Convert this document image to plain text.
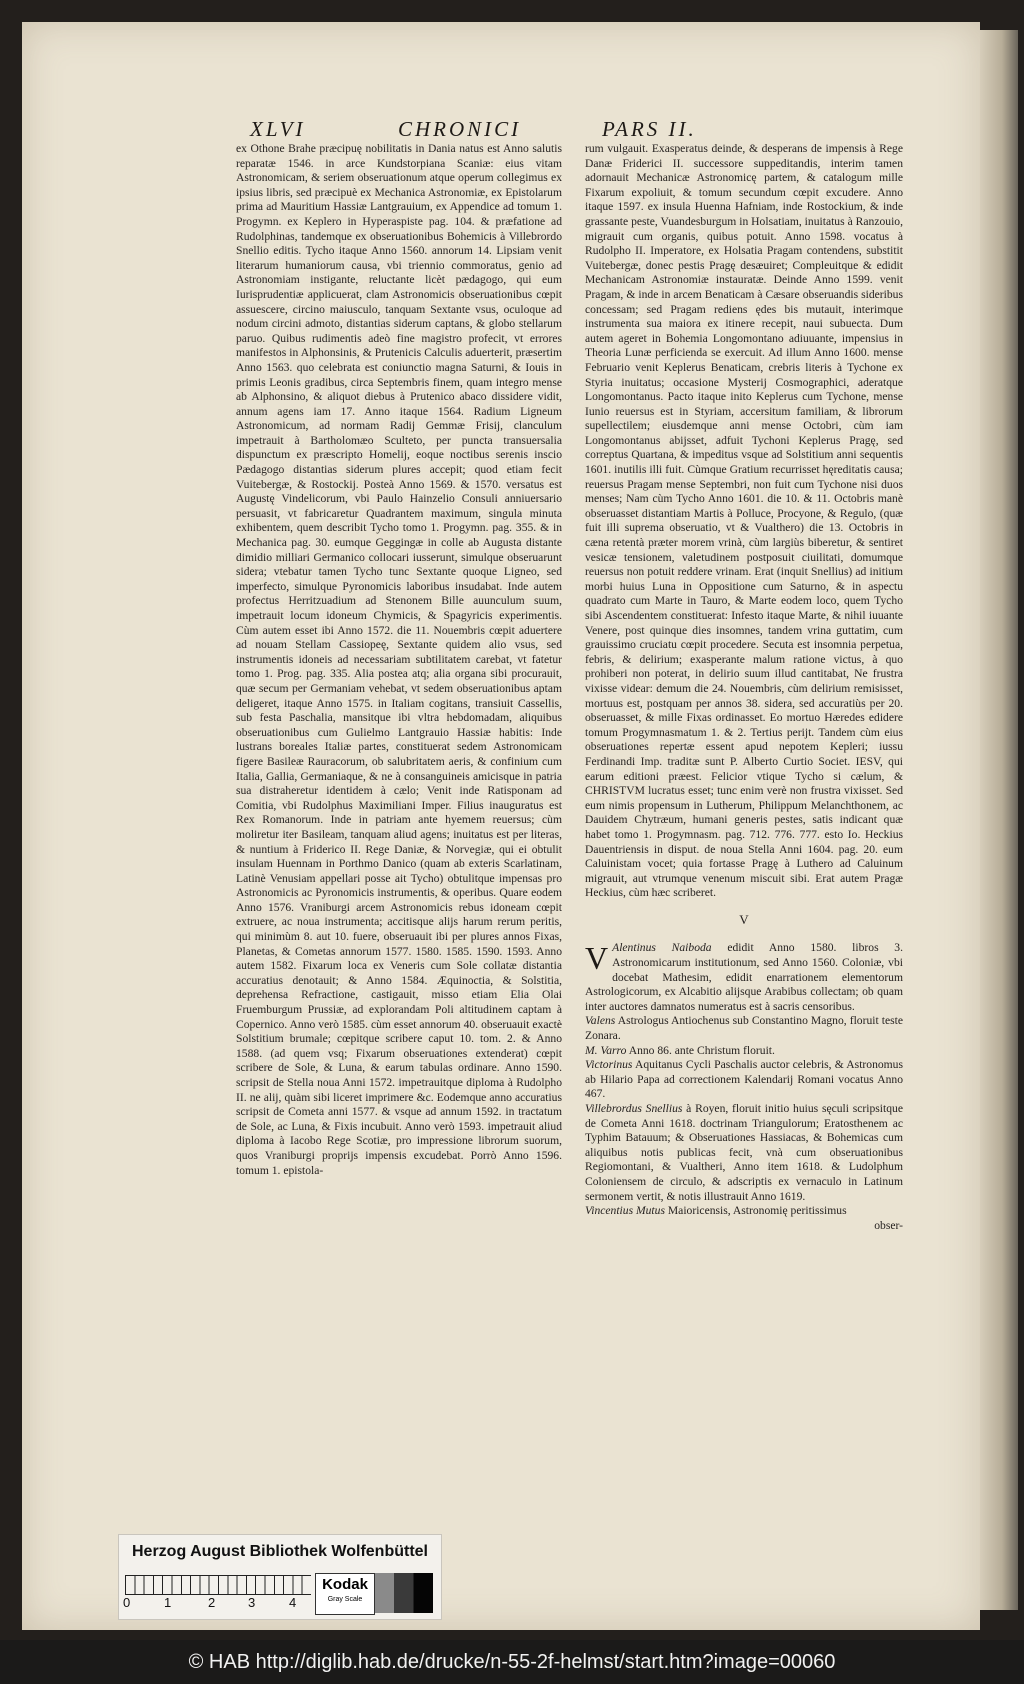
XLVI	CHRONICI	PARS II.

ex Othone Brahe præcipuę nobilitatis in Dania natus est Anno salutis reparatæ 1546. in arce Kundstorpiana Scaniæ: eius vitam Astronomicam, & seriem obseruationum atque operum collegimus ex ipsius libris, sed præcipuè ex Mechanica Astronomiæ, ex Epistolarum prima ad Mauritium Hassiæ Lantgrauium, ex Appendice ad tomum 1. Progymn. ex Keplero in Hyperaspiste pag. 104. & præfatione ad Rudolphinas, tandemque ex obseruationibus Bohemicis à Villebrordo Snellio editis. Tycho itaque Anno 1560. annorum 14. Lipsiam venit literarum humaniorum causa, vbi triennio commoratus, genio ad Astronomiam instigante, reluctante licèt pædagogo, qui eum Iurisprudentiæ applicuerat, clam Astronomicis obseruationibus cœpit assuescere, circino maiusculo, tanquam Sextante vsus, oculoque ad nodum circini admoto, distantias siderum captans, & globo stellarum paruo. Quibus rudimentis adeò fine magistro profecit, vt errores manifestos in Alphonsinis, & Prutenicis Calculis aduerterit, præsertim Anno 1563. quo celebrata est coniunctio magna Saturni, & Iouis in primis Leonis gradibus, circa Septembris finem, quam integro mense ab Alphonsino, & aliquot diebus à Prutenico abaco dissidere vidit, annum agens iam 17. Anno itaque 1564. Radium Ligneum Astronomicum, ad normam Radij Gemmæ Frisij, clanculum impetrauit à Bartholomæo Sculteto, per puncta transuersalia dispunctum ex præscripto Homelij, eoque noctibus serenis inscio Pædagogo distantias siderum plures accepit; quod etiam fecit Vuitebergæ, & Rostockij. Posteà Anno 1569. & 1570. versatus est Augustę Vindelicorum, vbi Paulo Hainzelio Consuli anniuersario persuasit, vt fabricaretur Quadrantem maximum, singula minuta exhibentem, quem describit Tycho tomo 1. Progymn. pag. 355. & in Mechanica pag. 30. eumque Geggingæ in colle ab Augusta distante dimidio milliari Germanico collocari iusserunt, simulque obseruarunt sidera; vtebatur tamen Tycho tunc Sextante quoque Ligneo, sed imperfecto, simulque Pyronomicis laboribus insudabat. Inde autem profectus Herritzuadium ad Stenonem Bille auunculum suum, impetrauit locum idoneum Chymicis, & Spagyricis experimentis. Cùm autem esset ibi Anno 1572. die 11. Nouembris cœpit aduertere ad nouam Stellam Cassiopeę, Sextante quidem alio vsus, sed instrumentis idoneis ad necessariam subtilitatem carebat, vt fatetur tomo 1. Prog. pag. 335. Alia postea atq; alia organa sibi procurauit, quæ secum per Germaniam vehebat, vt sedem obseruationibus aptam deligeret, itaque Anno 1575. in Italiam cogitans, transiuit Cassellis, sub festa Paschalia, mansitque ibi vltra hebdomadam, aliquibus obseruationibus cum Gulielmo Lantgrauio Hassiæ habitis: Inde lustrans boreales Italiæ partes, constituerat sedem Astronomicam figere Basileæ Rauracorum, ob salubritatem aeris, & confinium cum Italia, Gallia, Germaniaque, & ne à consanguineis amicisque in patria sua distraheretur identidem à cælo; Venit inde Ratisponam ad Comitia, vbi Rudolphus Maximiliani Imper. Filius inauguratus est Rex Romanorum. Inde in patriam ante hyemem reuersus; cùm moliretur iter Basileam, tanquam aliud agens; inuitatus est per literas, & nuntium à Friderico II. Rege Daniæ, & Norvegiæ, qui ei obtulit insulam Huennam in Porthmo Danico (quam ab exteris Scarlatinam, Latinè Venusiam appellari posse ait Tycho) obtulitque impensas pro Astronomicis ac Pyronomicis instrumentis, & operibus. Quare eodem Anno 1576. Vraniburgi arcem Astronomicis rebus idoneam cœpit extruere, ac noua instrumenta; accitisque alijs harum rerum peritis, qui minimùm 8. aut 10. fuere, obseruauit ibi per plures annos Fixas, Planetas, & Cometas annorum 1577. 1580. 1585. 1590. 1593. Anno autem 1582. Fixarum loca ex Veneris cum Sole collatæ distantia accuratius denotauit; & Anno 1584. Æquinoctia, & Solstitia, deprehensa Refractione, castigauit, misso etiam Elia Olai Fruemburgum Prussiæ, ad explorandam Poli altitudinem captam à Copernico. Anno verò 1585. cùm esset annorum 40. obseruauit exactè Solstitium brumale; cœpitque scribere caput 10. tom. 2. & Anno 1588. (ad quem vsq; Fixarum obseruationes extenderat) cœpit scribere de Sole, & Luna, & earum tabulas ordinare. Anno 1590. scripsit de Stella noua Anni 1572. impetrauitque diploma à Rudolpho II. ne alij, quàm sibi liceret imprimere &c. Eodemque anno accuratius scripsit de Cometa anni 1577. & vsque ad annum 1592. in tractatum de Sole, ac Luna, & Fixis incubuit. Anno verò 1593. impetrauit aliud diploma à Iacobo Rege Scotiæ, pro impressione librorum suorum, quos Vraniburgi proprijs impensis excudebat. Porrò Anno 1596. tomum 1. epistola-

rum vulgauit. Exasperatus deinde, & desperans de impensis à Rege Danæ Friderici II. successore suppeditandis, interim tamen adornauit Mechanicæ Astronomicę partem, & catalogum mille Fixarum expoliuit, & tomum secundum cœpit excudere. Anno itaque 1597. ex insula Huenna Hafniam, inde Rostockium, & inde grassante peste, Vuandesburgum in Holsatiam, inuitatus à Ranzouio, migrauit cum organis, quibus potuit. Anno 1598. vocatus à Rudolpho II. Imperatore, ex Holsatia Pragam contendens, substitit Vuitebergæ, donec pestis Pragę desæuiret; Compleuitque & edidit Mechanicam Astronomiæ instauratæ. Deinde Anno 1599. venit Pragam, & inde in arcem Benaticam à Cæsare obseruandis sideribus concessam; sed Pragam rediens ędes bis mutauit, interimque instrumenta sua maiora ex itinere recepit, naui subuecta. Dum autem ageret in Bohemia Longomontano adiuuante, impensius in Theoria Lunæ perficienda se exercuit. Ad illum Anno 1600. mense Februario venit Keplerus Benaticam, crebris literis à Tychone ex Styria inuitatus; occasione Mysterij Cosmographici, aderatque Longomontanus. Pacto itaque inito Keplerus cum Tychone, mense Iunio reuersus est in Styriam, accersitum familiam, & librorum supellectilem; eiusdemque anni mense Octobri, cùm iam Longomontanus abijsset, adfuit Tychoni Keplerus Pragę, sed correptus Quartana, & impeditus vsque ad Solstitium anni sequentis 1601. inutilis illi fuit. Cùmque Gratium recurrisset hęreditatis causa; reuersus Pragam mense Septembri, non fuit cum Tychone nisi duos menses; Nam cùm Tycho Anno 1601. die 10. & 11. Octobris manè obseruasset distantiam Martis à Polluce, Procyone, & Regulo, (quæ fuit illi suprema obseruatio, vt & Vualthero) die 13. Octobris in cæna retentà præter morem vrinà, cùm largiùs biberetur, & sentiret vesicæ tensionem, valetudinem postposuit ciuilitati, domumque reuersus non potuit reddere vrinam. Erat (inquit Snellius) ad initium morbi huius Luna in Oppositione cum Saturno, & in aspectu quadrato cum Marte in Tauro, & Marte eodem loco, quem Tycho sibi Ascendentem constituerat: Infesto itaque Marte, & nihil iuuante Venere, post quinque dies insomnes, tandem vrina guttatim, cum grauissimo cruciatu cœpit procedere. Secuta est insomnia perpetua, febris, & delirium; exasperante malum ratione victus, à quo prohiberi non poterat, in delirio suum illud cantitabat, Ne frustra vixisse videar: demum die 24. Nouembris, cùm delirium remisisset, mortuus est, postquam per annos 38. sidera, sed accuratiùs per 20. obseruasset, & mille Fixas ordinasset. Eo mortuo Hæredes edidere tomum Progymnasmatum 1. & 2. Tertius perijt. Tandem cùm eius obseruationes repertæ essent apud nepotem Kepleri; iussu Ferdinandi Imp. traditæ sunt P. Alberto Curtio Societ. IESV, qui earum editioni præest. Felicior vtique Tycho si cælum, & CHRISTVM lucratus esset; tunc enim verè non frustra vixisset. Sed eum nimis propensum in Lutherum, Philippum Melanchthonem, ac Dauidem Chytræum, humani generis pestes, satis indicant quæ habet tomo 1. Progymnasm. pag. 712. 776. 777. esto Io. Heckius Dauentriensis in disput. de noua Stella Anni 1604. pag. 20. eum Caluinistam vocet; quia fortasse Pragę à Luthero ad Caluinum migrauit, aut vtrumque venenum miscuit sibi. Erat autem Pragæ Heckius, cùm hæc scriberet.

V

V Alentinus Naiboda edidit Anno 1580. libros 3. Astronomicarum institutionum, sed Anno 1560. Coloniæ, vbi docebat Mathesim, edidit enarrationem elementorum Astrologicorum, ex Alcabitio alijsque Arabibus collectam; ob quam inter auctores damnatos numeratus est à sacris censoribus.

Valens Astrologus Antiochenus sub Constantino Magno, floruit teste Zonara.

M. Varro Anno 86. ante Christum floruit.

Victorinus Aquitanus Cycli Paschalis auctor celebris, & Astronomus ab Hilario Papa ad correctionem Kalendarij Romani vocatus Anno 467.

Villebrordus Snellius à Royen, floruit initio huius sęculi scripsitque de Cometa Anni 1618. doctrinam Triangulorum; Eratosthenem ac Typhim Batauum; & Obseruationes Hassiacas, & Bohemicas cum aliquibus notis publicas fecit, vnà cum obseruationibus Regiomontani, & Vualtheri, Anno item 1618. & Ludolphum Coloniensem de circulo, & adscriptis ex vernaculo in Latinum sermonem vertit, & notis illustrauit Anno 1619.

Vincentius Mutus Maioricensis, Astronomię peritissimus

obser-
Herzog August Bibliothek Wolfenbüttel
0	1	2	3	4
Kodak
Gray Scale
© HAB http://diglib.hab.de/drucke/n-55-2f-helmst/start.htm?image=00060
